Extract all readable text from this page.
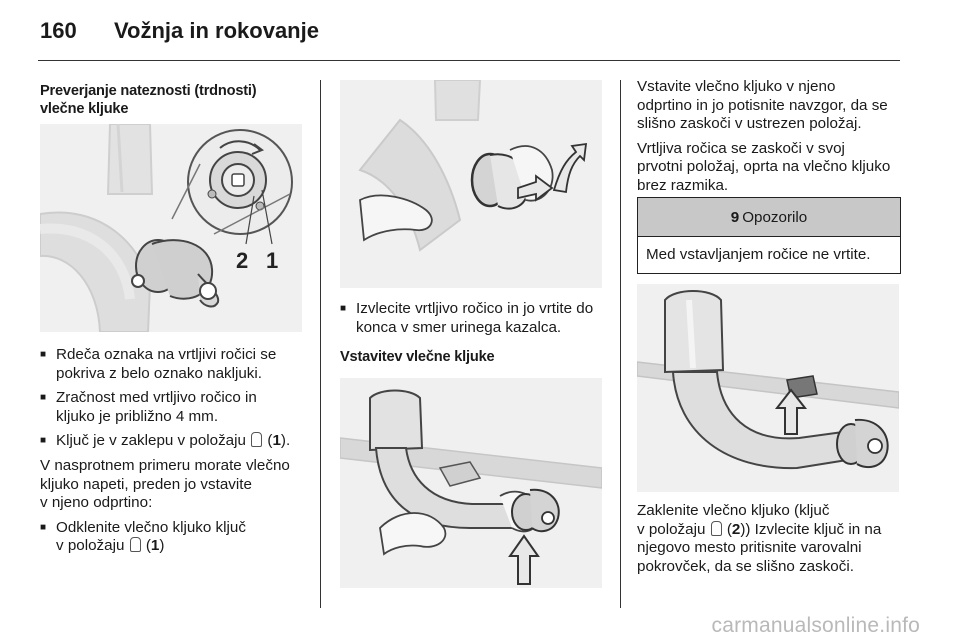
160 Vožnja in rokovanje
Preverjanje nateznosti (trdnosti)
vlečne kljuke
2 1
■ Rdeča oznaka na vrtljivi ročici se
pokriva z belo oznako nakljuki.
■ Zračnost med vrtljivo ročico in
kljuko je približno 4 mm.
■ Ključ je v zaklepu v položaju  (1).
V nasprotnem primeru morate vlečno
kljuko napeti, preden jo vstavite
v njeno odprtino:
■ Odklenite vlečno kljuko ključ
v položaju  (1)
■ Izvlecite vrtljivo ročico in jo vrtite do
konca v smer urinega kazalca.
Vstavitev vlečne kljuke
Vstavite vlečno kljuko v njeno
odprtino in jo potisnite navzgor, da se
slišno zaskoči v ustrezen položaj.
Vrtljiva ročica se zaskoči v svoj
prvotni položaj, oprta na vlečno kljuko
brez razmika.
9 Opozorilo
Med vstavljanjem ročice ne vrtite.
Zaklenite vlečno kljuko (ključ
v položaju  (2)) Izvlecite ključ in na
njegovo mesto pritisnite varovalni
pokrovček, da se slišno zaskoči.
carmanualsonline.info
